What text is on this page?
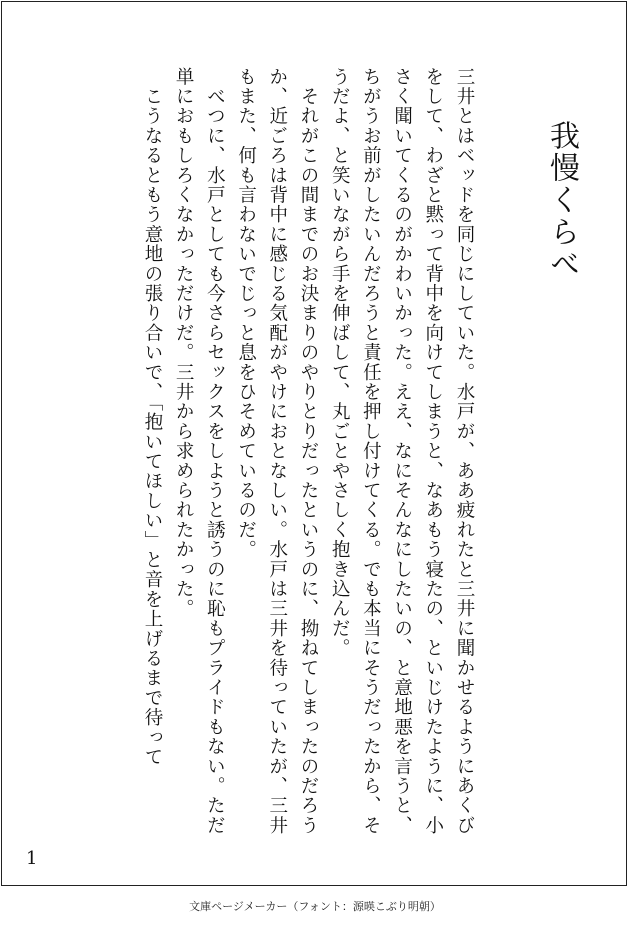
我慢くらべ

三井とはベッドを同じにしていた。水戸が、ああ疲れたと三井に聞かせるようにあくびをして、わざと黙って背中を向けてしまうと、なあもう寝たの、といじけたように、小さく聞いてくるのがかわいかった。ええ、なにそんなにしたいの、と意地悪を言うと、ちがうお前がしたいんだろうと責任を押し付けてくる。でも本当にそうだったから、そうだよ、と笑いながら手を伸ばして、丸ごとやさしく抱き込んだ。

　それがこの間までのお決まりのやりとりだったというのに、拗ねてしまったのだろうか、近ごろは背中に感じる気配がやけにおとなしい。水戸は三井を待っていたが、三井もまた、何も言わないでじっと息をひそめているのだ。

　べつに、水戸としても今さらセックスをしようと誘うのに恥もプライドもない。ただ単におもしろくなかっただけだ。三井から求められたかった。

　こうなるともう意地の張り合いで、「抱いてほしい」と音を上げるまで待って

1
文庫ページメーカー（フォント：源暎こぶり明朝）
